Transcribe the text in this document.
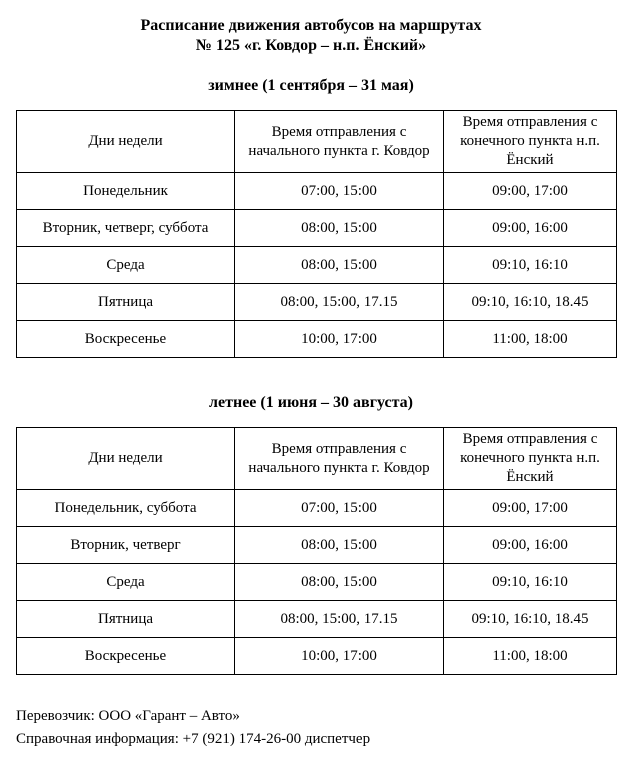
Расписание движения автобусов на маршрутах

№ 125 «г. Ковдор – н.п. Ёнский»

зимнее (1 сентября – 31 мая)

Дни недели	Время отправления с начального пункта г. Ковдор	Время отправления с конечного пункта н.п. Ёнский
Понедельник	07:00, 15:00	09:00, 17:00
Вторник, четверг, суббота	08:00, 15:00	09:00, 16:00
Среда	08:00, 15:00	09:10, 16:10
Пятница	08:00, 15:00, 17.15	09:10, 16:10, 18.45
Воскресенье	10:00, 17:00	11:00, 18:00

летнее (1 июня – 30 августа)

Дни недели	Время отправления с начального пункта г. Ковдор	Время отправления с конечного пункта н.п. Ёнский
Понедельник, суббота	07:00, 15:00	09:00, 17:00
Вторник, четверг	08:00, 15:00	09:00, 16:00
Среда	08:00, 15:00	09:10, 16:10
Пятница	08:00, 15:00, 17.15	09:10, 16:10, 18.45
Воскресенье	10:00, 17:00	11:00, 18:00

Перевозчик: ООО «Гарант – Авто»

Справочная информация: +7 (921) 174-26-00 диспетчер
